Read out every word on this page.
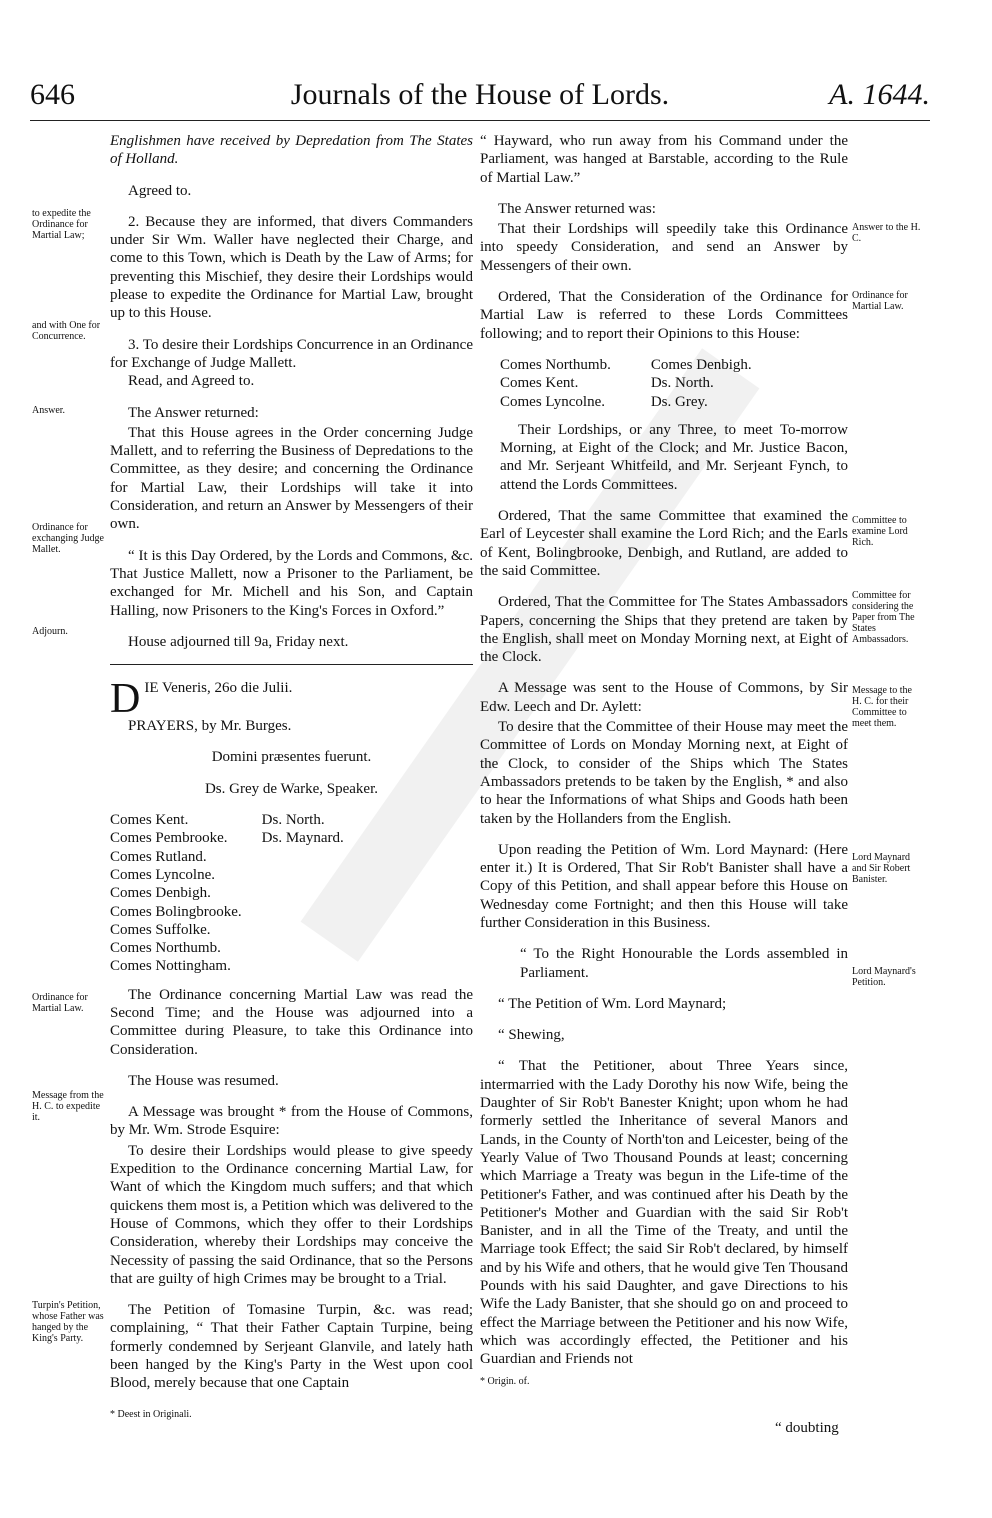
646	Journals of the House of Lords.	A. 1644.
to expedite the Ordinance for Martial Law;
and with One for Concurrence.
Answer.
Ordinance for exchanging Judge Mallet.
Adjourn.
Ordinance for Martial Law.
Message from the H. C. to expedite it.
Turpin's Petition, whose Father was hanged by the King's Party.
Answer to the H. C.
Ordinance for Martial Law.
Committee to examine Lord Rich.
Committee for considering the Paper from The States Ambassadors.
Message to the H. C. for their Committee to meet them.
Lord Maynard and Sir Robert Banister.
Lord Maynard's Petition.

Englishmen have received by Depredation from The States of Holland.

Agreed to.

2. Because they are informed, that divers Commanders under Sir Wm. Waller have neglected their Charge, and come to this Town, which is Death by the Law of Arms; for preventing this Mischief, they desire their Lordships would please to expedite the Ordinance for Martial Law, brought up to this House.

3. To desire their Lordships Concurrence in an Ordinance for Exchange of Judge Mallett.

Read, and Agreed to.

The Answer returned:

That this House agrees in the Order concerning Judge Mallett, and to referring the Business of Depredations to the Committee, as they desire; and concerning the Ordinance for Martial Law, their Lordships will take it into Consideration, and return an Answer by Messengers of their own.

“ It is this Day Ordered, by the Lords and Commons, &c. That Justice Mallett, now a Prisoner to the Parliament, be exchanged for Mr. Michell and his Son, and Captain Halling, now Prisoners to the King's Forces in Oxford.”

House adjourned till 9a, Friday next.

DIE Veneris, 26o die Julii.

PRAYERS, by Mr. Burges.

Domini præsentes fuerunt.

Ds. Grey de Warke, Speaker.

Comes Kent.
Comes Pembrooke.
Comes Rutland.
Comes Lyncolne.
Comes Denbigh.
Comes Bolingbrooke.
Comes Suffolke.
Comes Northumb.
Comes Nottingham.
Ds. North.
Ds. Maynard.

The Ordinance concerning Martial Law was read the Second Time; and the House was adjourned into a Committee during Pleasure, to take this Ordinance into Consideration.

The House was resumed.

A Message was brought * from the House of Commons, by Mr. Wm. Strode Esquire:

To desire their Lordships would please to give speedy Expedition to the Ordinance concerning Martial Law, for Want of which the Kingdom much suffers; and that which quickens them most is, a Petition which was delivered to the House of Commons, which they offer to their Lordships Consideration, whereby their Lordships may conceive the Necessity of passing the said Ordinance, that so the Persons that are guilty of high Crimes may be brought to a Trial.

The Petition of Tomasine Turpin, &c. was read; complaining, “ That their Father Captain Turpine, being formerly condemned by Serjeant Glanvile, and lately hath been hanged by the King's Party in the West upon cool Blood, merely because that one Captain

* Deest in Originali.

“ Hayward, who run away from his Command under the Parliament, was hanged at Barstable, according to the Rule of Martial Law.”

The Answer returned was:

That their Lordships will speedily take this Ordinance into speedy Consideration, and send an Answer by Messengers of their own.

Ordered, That the Consideration of the Ordinance for Martial Law is referred to these Lords Committees following; and to report their Opinions to this House:

Comes Northumb.
Comes Kent.
Comes Lyncolne.
Comes Denbigh.
Ds. North.
Ds. Grey.

Their Lordships, or any Three, to meet To-morrow Morning, at Eight of the Clock; and Mr. Justice Bacon, and Mr. Serjeant Whitfeild, and Mr. Serjeant Fynch, to attend the Lords Committees.

Ordered, That the same Committee that examined the Earl of Leycester shall examine the Lord Rich; and the Earls of Kent, Bolingbrooke, Denbigh, and Rutland, are added to the said Committee.

Ordered, That the Committee for The States Ambassadors Papers, concerning the Ships that they pretend are taken by the English, shall meet on Monday Morning next, at Eight of the Clock.

A Message was sent to the House of Commons, by Sir Edw. Leech and Dr. Aylett:

To desire that the Committee of their House may meet the Committee of Lords on Monday Morning next, at Eight of the Clock, to consider of the Ships which The States Ambassadors pretends to be taken by the English, * and also to hear the Informations of what Ships and Goods hath been taken by the Hollanders from the English.

Upon reading the Petition of Wm. Lord Maynard: (Here enter it.) It is Ordered, That Sir Rob't Banister shall have a Copy of this Petition, and shall appear before this House on Wednesday come Fortnight; and then this House will take further Consideration in this Business.

“ To the Right Honourable the Lords assembled in Parliament.

“ The Petition of Wm. Lord Maynard;

“ Shewing,

“ That the Petitioner, about Three Years since, intermarried with the Lady Dorothy his now Wife, being the Daughter of Sir Rob't Banester Knight; upon whom he had formerly settled the Inheritance of several Manors and Lands, in the County of North'ton and Leicester, being of the Yearly Value of Two Thousand Pounds at least; concerning which Marriage a Treaty was begun in the Life-time of the Petitioner's Father, and was continued after his Death by the Petitioner's Mother and Guardian with the said Sir Rob't Banister, and in all the Time of the Treaty, and until the Marriage took Effect; the said Sir Rob't declared, by himself and by his Wife and others, that he would give Ten Thousand Pounds with his said Daughter, and gave Directions to his Wife the Lady Banister, that she should go on and proceed to effect the Marriage between the Petitioner and his now Wife, which was accordingly effected, the Petitioner and his Guardian and Friends not

* Origin. of.

“ doubting
